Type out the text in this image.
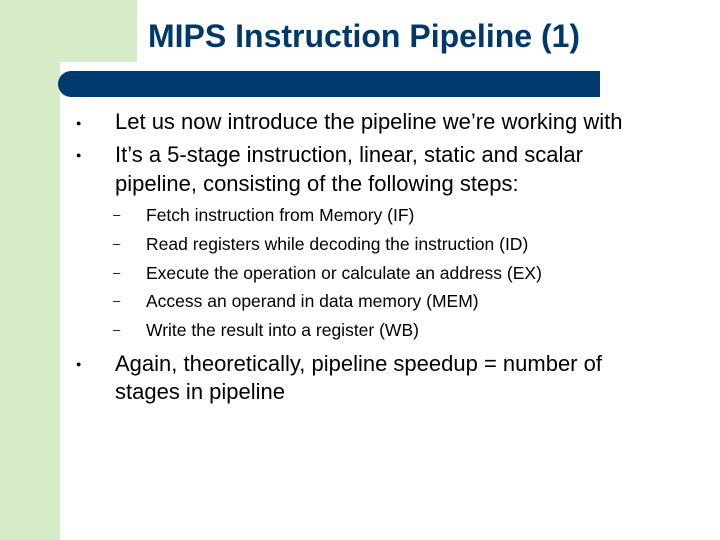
MIPS Instruction Pipeline (1)
● Let us now introduce the pipeline we’re working with
● It’s a 5-stage instruction, linear, static and scalar
pipeline, consisting of the following steps:
– Fetch instruction from Memory (IF)
– Read registers while decoding the instruction (ID)
– Execute the operation or calculate an address (EX)
– Access an operand in data memory (MEM)
– Write the result into a register (WB)
● Again, theoretically, pipeline speedup = number of
stages in pipeline
